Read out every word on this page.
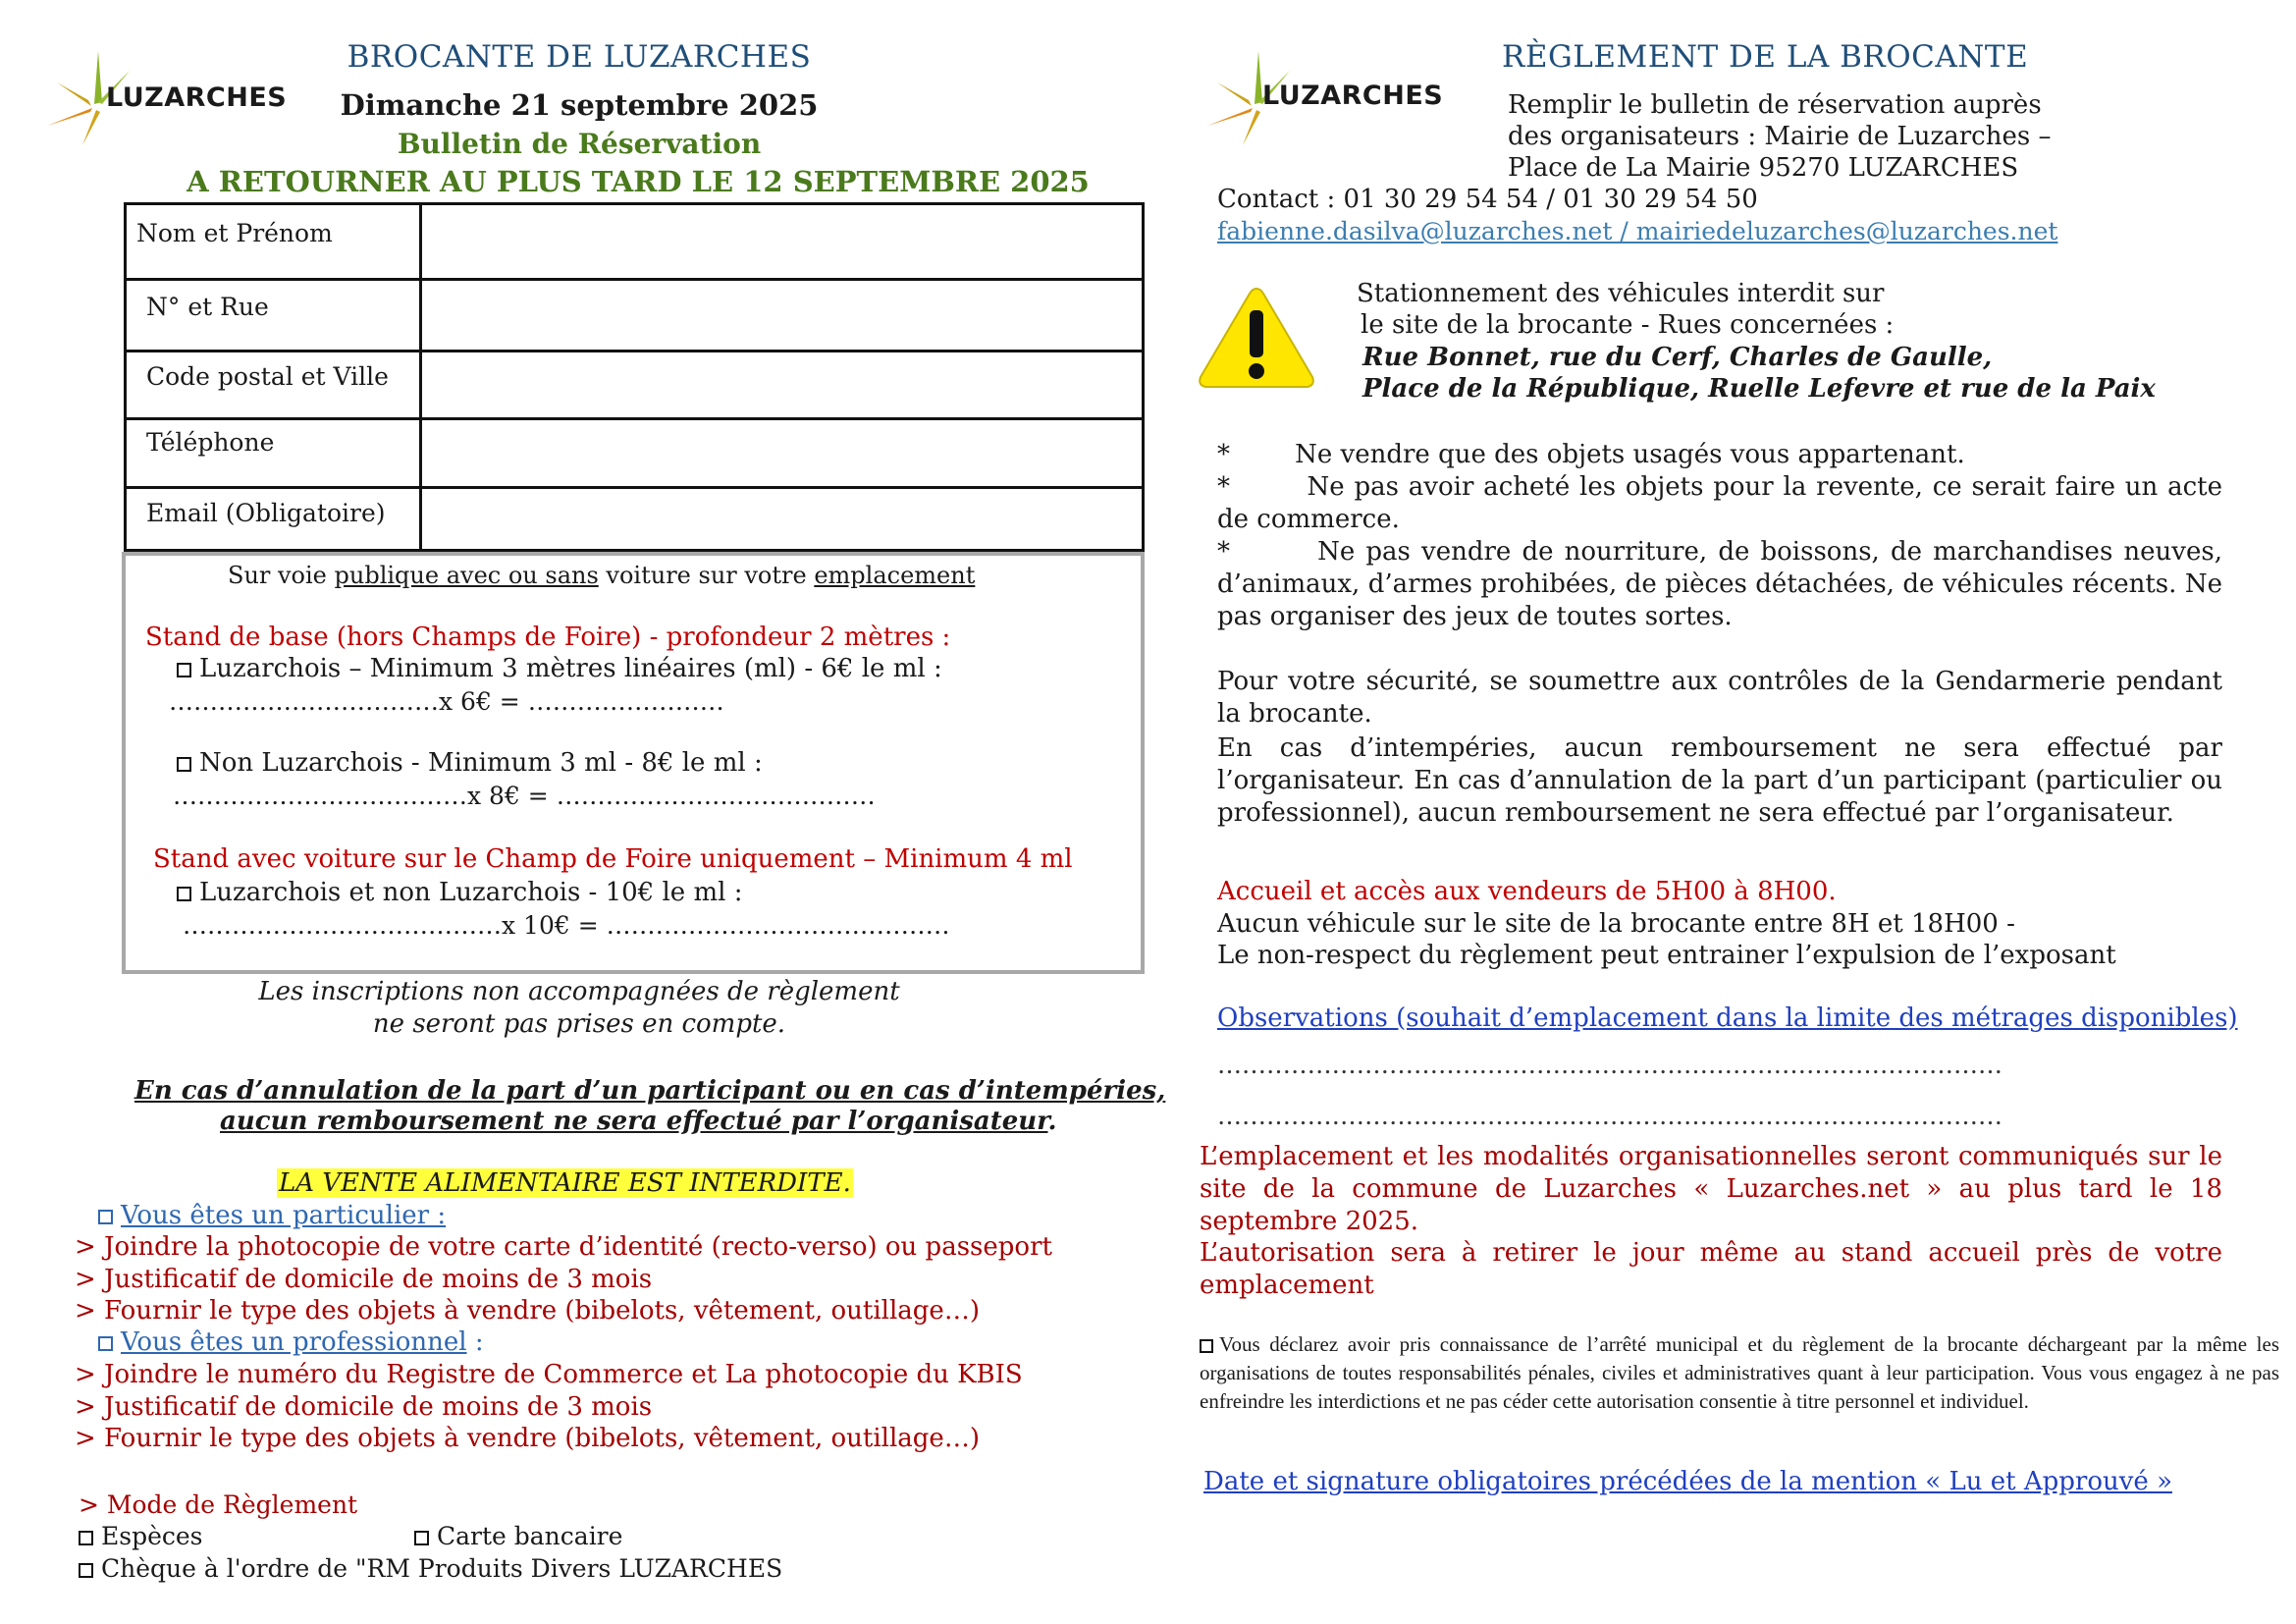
LUZARCHES
BROCANTE DE LUZARCHES
Dimanche 21 septembre 2025
Bulletin de Réservation
A RETOURNER AU PLUS TARD LE 12 SEPTEMBRE 2025
Nom et Prénom	

N° et Rue	

Code postal et Ville	

Téléphone	

Email (Obligatoire)	

Sur voie publique avec ou sans voiture sur votre emplacement
Stand de base (hors Champs de Foire) - profondeur 2 mètres :
Luzarchois – Minimum 3 mètres linéaires (ml) - 6€ le ml :
……………………………x 6€ = ……………………
Non Luzarchois - Minimum 3 ml - 8€ le ml :
………………………………x 8€ = …………………………………
Stand avec voiture sur le Champ de Foire uniquement – Minimum 4 ml
Luzarchois et non Luzarchois - 10€ le ml :
…………………………………x 10€ = ……………………………………
Les inscriptions non accompagnées de règlement
ne seront pas prises en compte.
En cas d’annulation de la part d’un participant ou en cas d’intempéries,
aucun remboursement ne sera effectué par l’organisateur.
LA VENTE ALIMENTAIRE EST INTERDITE.
Vous êtes un particulier :
> Joindre la photocopie de votre carte d’identité (recto-verso) ou passeport
> Justificatif de domicile de moins de 3 mois
> Fournir le type des objets à vendre (bibelots, vêtement, outillage…)
Vous êtes un professionnel :
> Joindre le numéro du Registre de Commerce et La photocopie du KBIS
> Justificatif de domicile de moins de 3 mois
> Fournir le type des objets à vendre (bibelots, vêtement, outillage…)
> Mode de Règlement
Espèces	Carte bancaire
Chèque à l'ordre de "RM Produits Divers LUZARCHES
LUZARCHES
RÈGLEMENT DE LA BROCANTE
Remplir le bulletin de réservation auprès
des organisateurs : Mairie de Luzarches –
Place de La Mairie 95270 LUZARCHES
Contact : 01 30 29 54 54 / 01 30 29 54 50
fabienne.dasilva@luzarches.net / mairiedeluzarches@luzarches.net
Stationnement des véhicules interdit sur
le site de la brocante - Rues concernées :
Rue Bonnet, rue du Cerf, Charles de Gaulle,
Place de la République, Ruelle Lefevre et rue de la Paix
*        Ne vendre que des objets usagés vous appartenant.
*        Ne pas avoir acheté les objets pour la revente, ce serait faire un acte de commerce.
*        Ne pas vendre de nourriture, de boissons, de marchandises neuves, d’animaux, d’armes prohibées, de pièces détachées, de véhicules récents. Ne pas organiser des jeux de toutes sortes.
Pour votre sécurité, se soumettre aux contrôles de la Gendarmerie pendant la brocante.
En cas d’intempéries, aucun remboursement ne sera effectué par l’organisateur. En cas d’annulation de la part d’un participant (particulier ou professionnel), aucun remboursement ne sera effectué par l’organisateur.
Accueil et accès aux vendeurs de 5H00 à 8H00.
Aucun véhicule sur le site de la brocante entre 8H et 18H00 -
Le non-respect du règlement peut entrainer l’expulsion de l’exposant
Observations (souhait d’emplacement dans la limite des métrages disponibles)
……………………………………………………………………………………
……………………………………………………………………………………
L’emplacement et les modalités organisationnelles seront communiqués sur le site de la commune de Luzarches « Luzarches.net » au plus tard le 18 septembre 2025.
L’autorisation sera à retirer le jour même au stand accueil près de votre emplacement
Vous déclarez avoir pris connaissance de l’arrêté municipal et du règlement de la brocante déchargeant par la même les organisations de toutes responsabilités pénales, civiles et administratives quant à leur participation. Vous vous engagez à ne pas enfreindre les interdictions et ne pas céder cette autorisation consentie à titre personnel et individuel.
Date et signature obligatoires précédées de la mention « Lu et Approuvé »
